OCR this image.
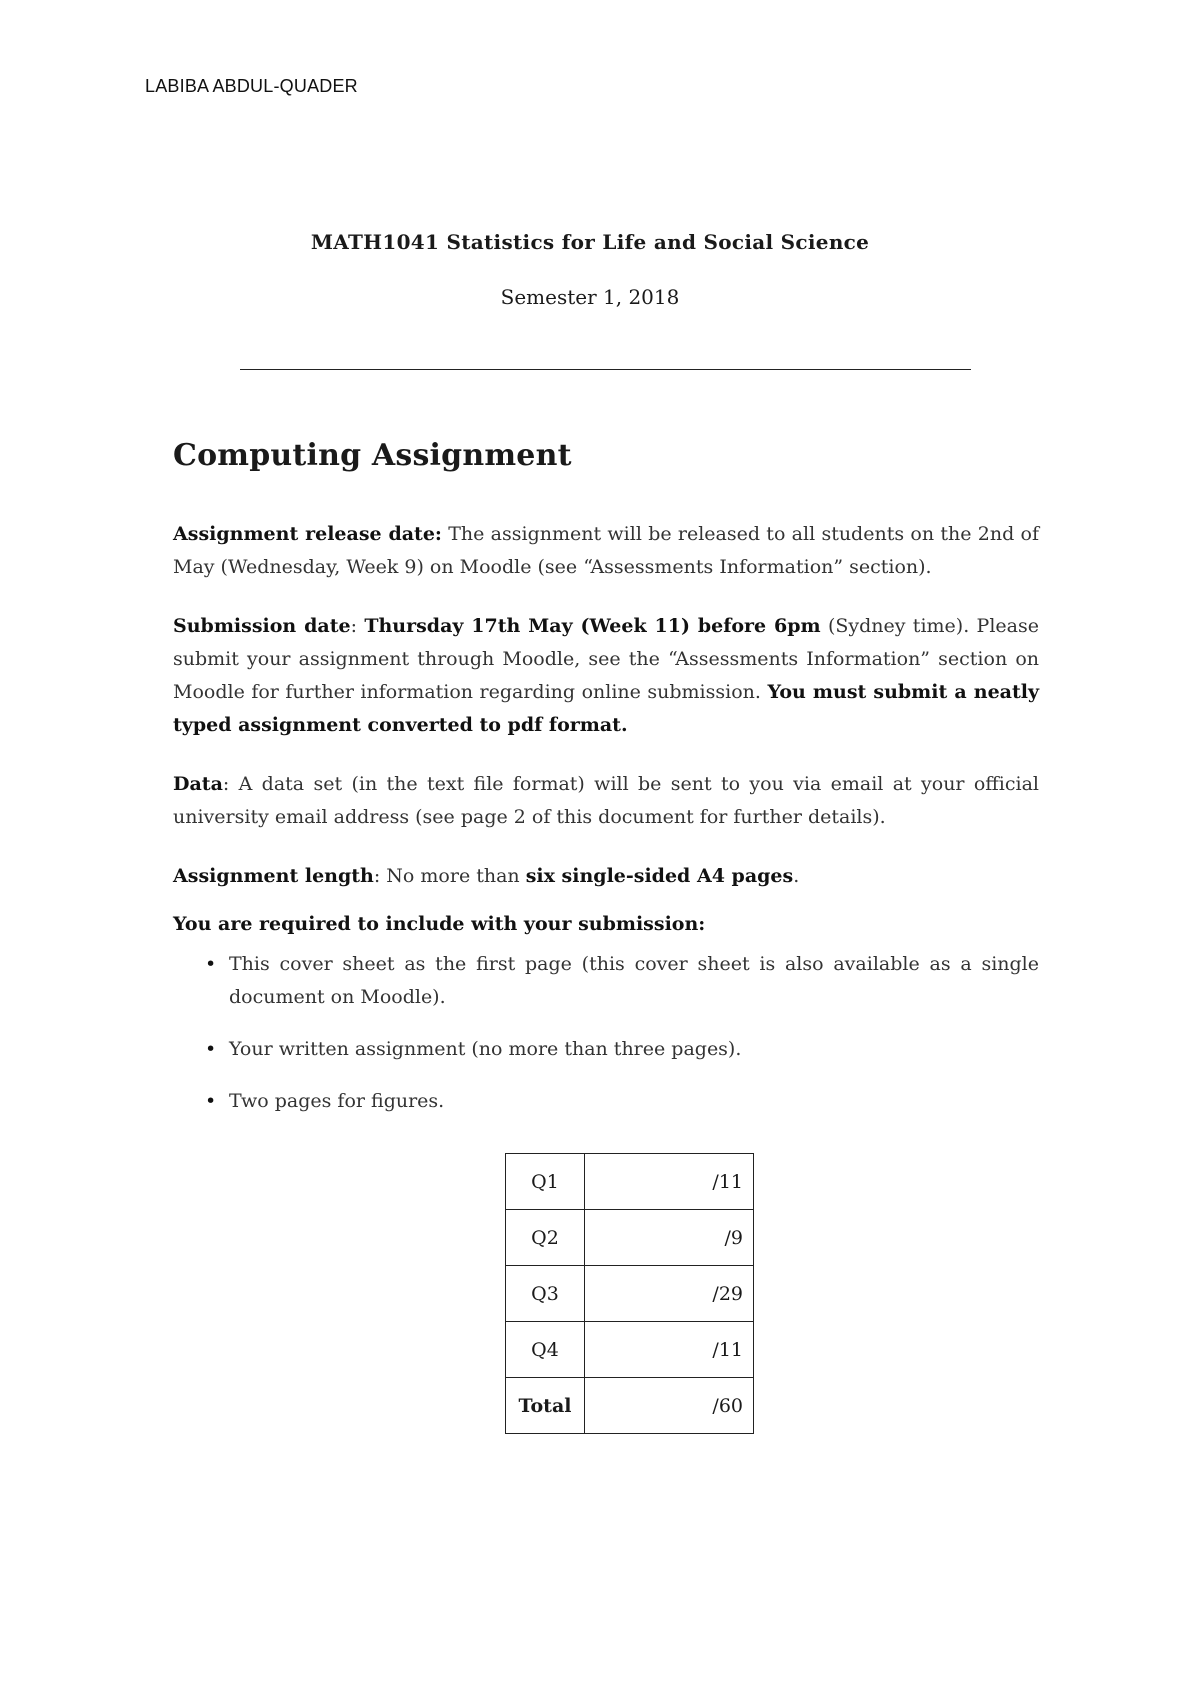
LABIBA ABDUL-QUADER
MATH1041 Statistics for Life and Social Science
Semester 1, 2018
Computing Assignment
Assignment release date: The assignment will be released to all students on the 2nd of May (Wednesday, Week 9) on Moodle (see “Assessments Information” section).
Submission date: Thursday 17th May (Week 11) before 6pm (Sydney time). Please submit your assignment through Moodle, see the “Assessments Information” section on Moodle for further information regarding online submission. You must submit a neatly typed assignment converted to pdf format.
Data: A data set (in the text file format) will be sent to you via email at your official university email address (see page 2 of this document for further details).
Assignment length: No more than six single-sided A4 pages.
You are required to include with your submission:
• This cover sheet as the first page (this cover sheet is also available as a single document on Moodle).
• Your written assignment (no more than three pages).
• Two pages for figures.
Q1	/11
Q2	/9
Q3	/29
Q4	/11
Total	/60
